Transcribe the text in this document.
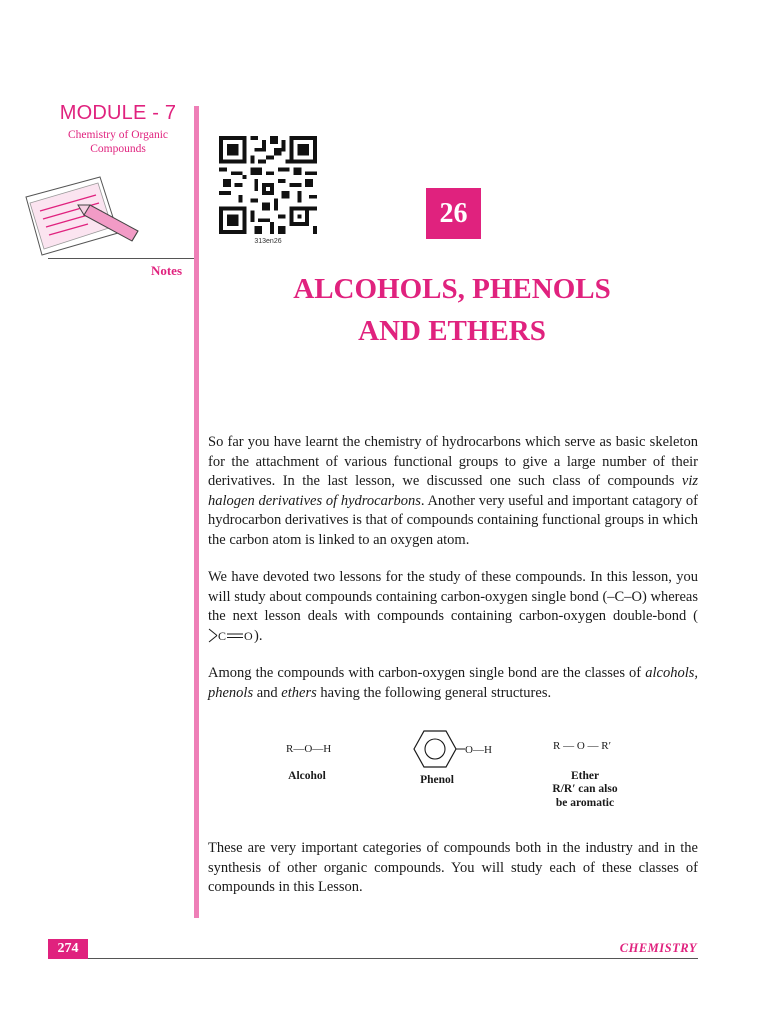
MODULE - 7
Chemistry of Organic Compounds
Notes
313en26
26
ALCOHOLS, PHENOLS
AND ETHERS
So far you have learnt the chemistry of hydrocarbons which serve as basic skeleton for the attachment of various functional groups to give a large number of their derivatives. In the last lesson, we discussed one such class of compounds viz halogen derivatives of hydrocarbons. Another very useful and important catagory of hydrocarbon derivatives is that of compounds containing functional groups in which the carbon atom is linked to an oxygen atom.
We have devoted two lessons for the study of these compounds. In this lesson, you will study about compounds containing carbon-oxygen single bond (–C–O) whereas the next lesson deals with compounds containing carbon-oxygen double-bond (
C O ).
Among the compounds with carbon-oxygen single bond are the classes of alcohols, phenols and ethers having the following general structures.
R—O—H
Alcohol
O—H
Phenol
R — O — R′
Ether
R/R′ can also
be aromatic
These are very important categories of compounds both in the industry and in the synthesis of other organic compounds. You will study each of these classes of compounds in this Lesson.
274	CHEMISTRY
